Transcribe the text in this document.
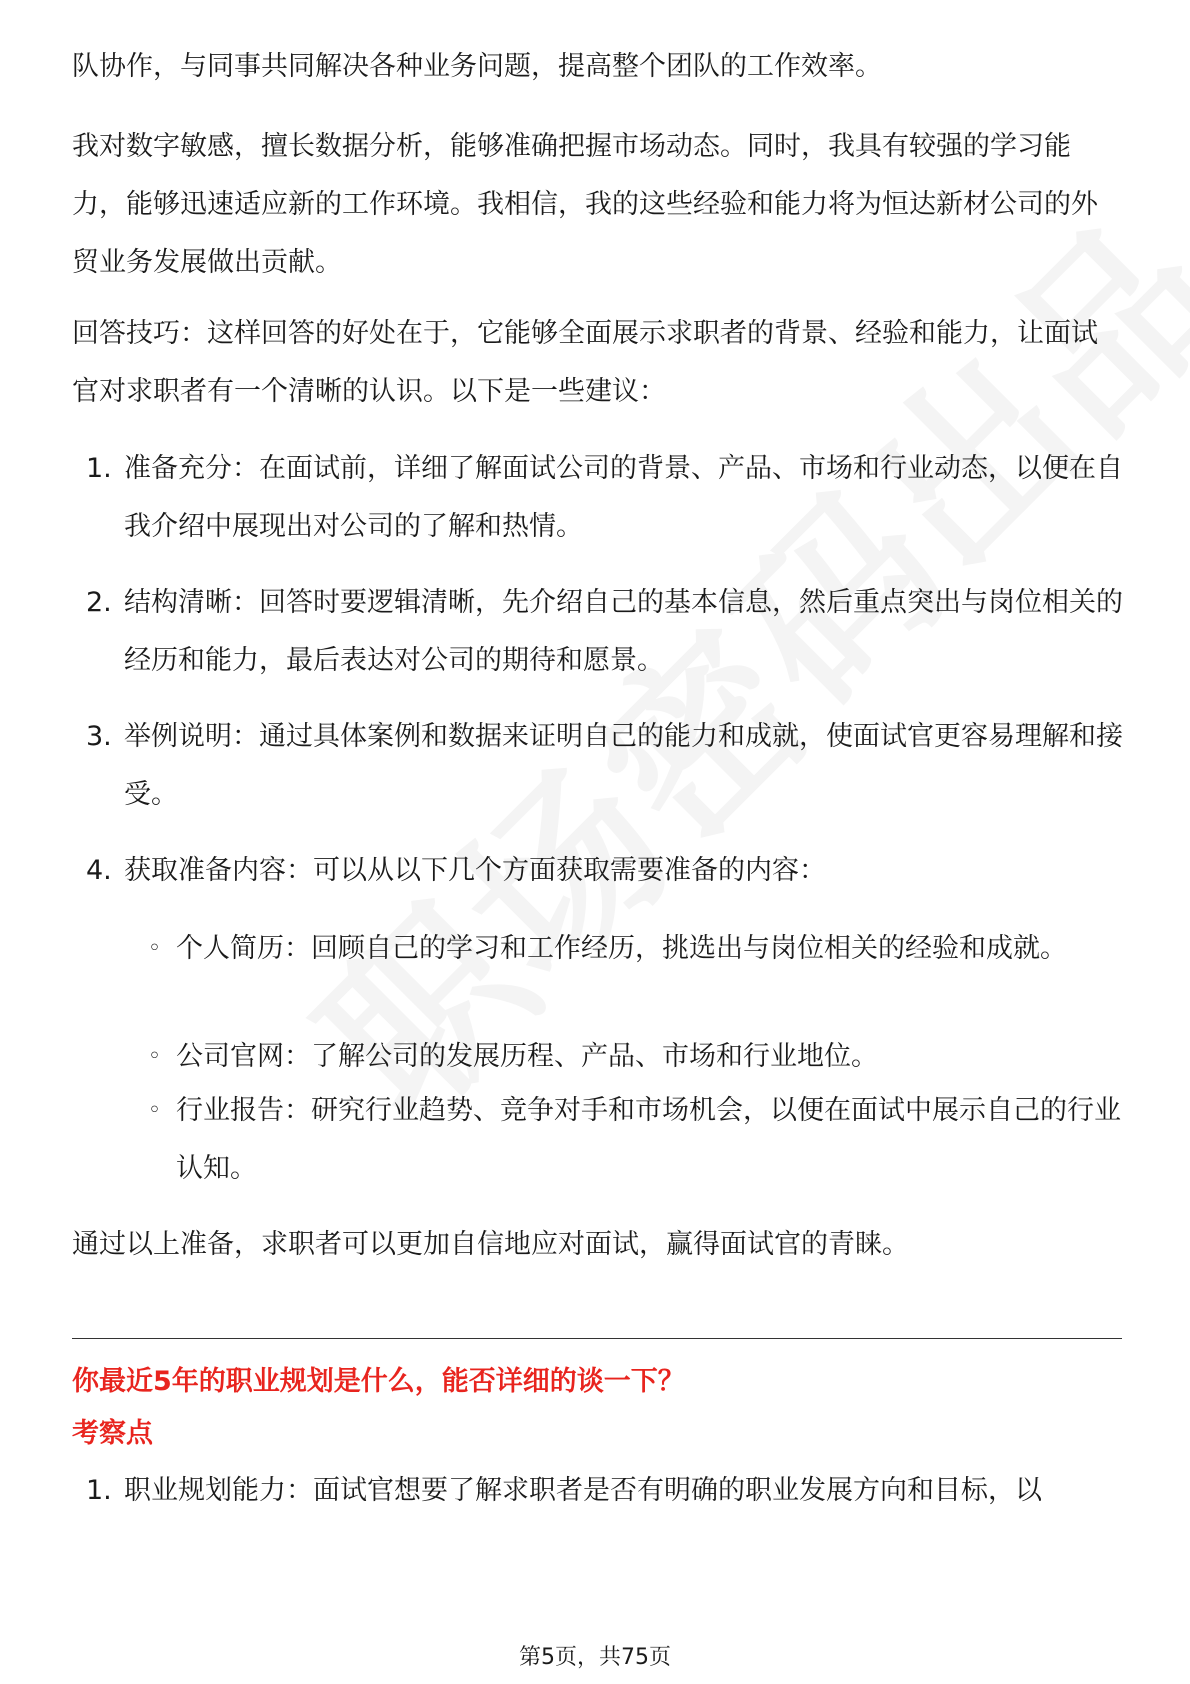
队协作，与同事共同解决各种业务问题，提高整个团队的工作效率。

我对数字敏感，擅长数据分析，能够准确把握市场动态。同时，我具有较强的学习能力，能够迅速适应新的工作环境。我相信，我的这些经验和能力将为恒达新材公司的外贸业务发展做出贡献。

回答技巧：这样回答的好处在于，它能够全面展示求职者的背景、经验和能力，让面试官对求职者有一个清晰的认识。以下是一些建议：

1. 准备充分：在面试前，详细了解面试公司的背景、产品、市场和行业动态，以便在自我介绍中展现出对公司的了解和热情。
2. 结构清晰：回答时要逻辑清晰，先介绍自己的基本信息，然后重点突出与岗位相关的经历和能力，最后表达对公司的期待和愿景。
3. 举例说明：通过具体案例和数据来证明自己的能力和成就，使面试官更容易理解和接受。
4. 获取准备内容：可以从以下几个方面获取需要准备的内容：
◦ 个人简历：回顾自己的学习和工作经历，挑选出与岗位相关的经验和成就。
◦ 公司官网：了解公司的发展历程、产品、市场和行业地位。
◦ 行业报告：研究行业趋势、竞争对手和市场机会，以便在面试中展示自己的行业认知。

通过以上准备，求职者可以更加自信地应对面试，赢得面试官的青睐。

你最近5年的职业规划是什么，能否详细的谈一下？
考察点
1. 职业规划能力：面试官想要了解求职者是否有明确的职业发展方向和目标，以
第5页，共75页
